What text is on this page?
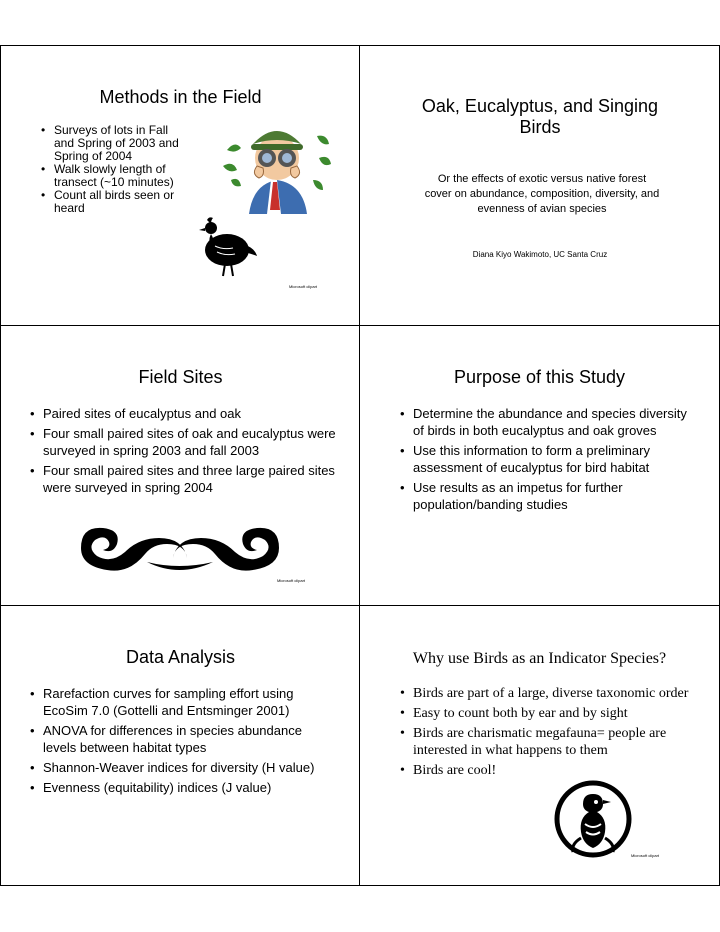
Methods in the Field
• Surveys of lots in Fall and Spring of 2003 and Spring of 2004
• Walk slowly length of transect (~10 minutes)
• Count all birds seen or heard
Microsoft clipart
Oak, Eucalyptus, and Singing Birds
Or the effects of exotic versus native forest cover on abundance, composition, diversity, and evenness of avian species
Diana Kiyo Wakimoto, UC Santa Cruz
Field Sites
• Paired sites of eucalyptus and oak
• Four small paired sites of oak and eucalyptus were surveyed in spring 2003 and fall 2003
• Four small paired sites and three large paired sites were surveyed in spring 2004
Microsoft clipart
Purpose of this Study
• Determine the abundance and species diversity of birds in both eucalyptus and oak groves
• Use this information to form a preliminary assessment of eucalyptus for bird habitat
• Use results as an impetus for further population/banding studies
Data Analysis
• Rarefaction curves for sampling effort using EcoSim 7.0 (Gottelli and Entsminger 2001)
• ANOVA for differences in species abundance levels between habitat types
• Shannon-Weaver indices for diversity (H value)
• Evenness (equitability) indices (J value)
Why use Birds as an Indicator Species?
• Birds are part of a large, diverse taxonomic order
• Easy to count both by ear and by sight
• Birds are charismatic megafauna= people are interested in what happens to them
• Birds are cool!
Microsoft clipart
